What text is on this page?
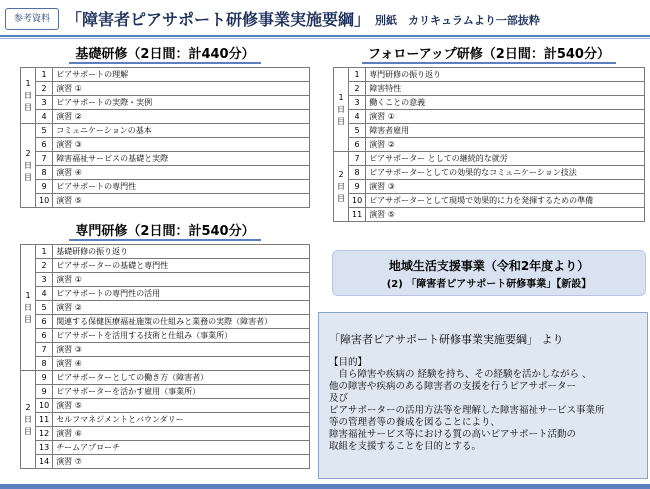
参考資料	「障害者ピアサポート研修事業実施要綱」 別紙　カリキュラムより一部抜粋
基礎研修（2日間：計440分）
1
日
目	1	ピアサポートの理解
	2	演習 ①
	3	ピアサポートの実際・実例
	4	演習 ②
2
日
目	5	コミュニケーションの基本
	6	演習 ③
	7	障害福祉サービスの基礎と実際
	8	演習 ④
	9	ピアサポートの専門性
	10	演習 ⑤
フォローアップ研修（2日間：計540分）
1
日
目	1	専門研修の振り返り
	2	障害特性
	3	働くことの意義
	4	演習 ①
	5	障害者雇用
	6	演習 ②
2
日
目	7	ピアサポーター としての継続的な就労
	8	ピアサポーターとしての効果的なコミュニケーション技法
	9	演習 ③
	10	ピアサポーターとして現場で効果的に力を発揮するための準備
	11	演習 ⑤
専門研修（2日間：計540分）
1
日
目	1	基礎研修の振り返り
	2	ピアサポーターの基礎と専門性
	3	演習 ①
	4	ピアサポートの専門性の活用
	5	演習 ②
	6	関連する保健医療福祉施策の仕組みと業務の実際（障害者）
	6	ピアサポートを活用する技術と仕組み（事業所）
	7	演習 ③
	8	演習 ④
2
日
目	9	ピアサポーターとしての働き方（障害者）
	9	ピアサポーターを活かす雇用（事業所）
	10	演習 ⑤
	11	セルフマネジメントとバウンダリー
	12	演習 ⑥
	13	チームアプローチ
	14	演習 ⑦
地域生活支援事業（令和2年度より）
(2) 「障害者ピアサポート研修事業」【新設】
「障害者ピアサポート研修事業実施要綱」 より
【目的】
　自ら障害や疾病の 経験を持ち、その経験を活かしながら 、
他の障害や疾病のある障害者の支援を行うピアサポーター
及び
ピアサポーターの活用方法等を理解した障害福祉サービス事業所
等の管理者等の養成を図ることにより、
障害福祉サービス等における質の高いピアサポート活動の
取組を支援することを目的とする。
